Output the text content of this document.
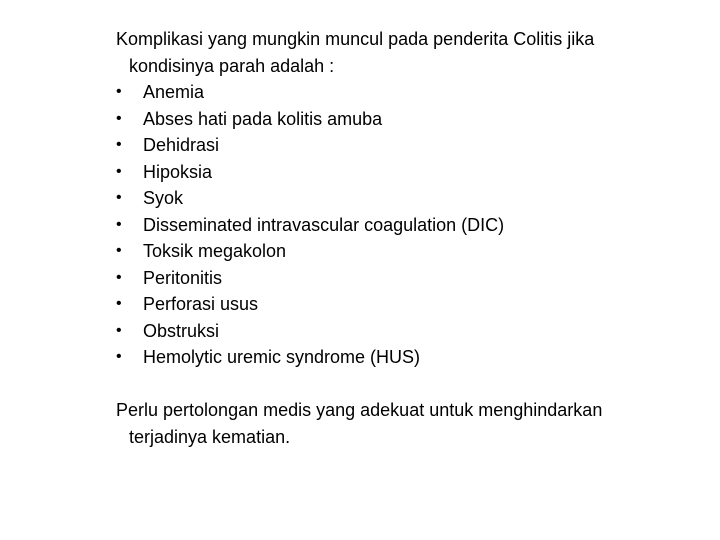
Komplikasi yang mungkin muncul pada penderita Colitis jika kondisinya parah adalah :

•	Anemia
•	Abses hati pada kolitis amuba
•	Dehidrasi
•	Hipoksia
•	Syok
•	Disseminated intravascular coagulation (DIC)
•	Toksik megakolon
•	Peritonitis
•	Perforasi usus
•	Obstruksi
•	Hemolytic uremic syndrome (HUS)

Perlu pertolongan medis yang adekuat untuk menghindarkan terjadinya kematian.
